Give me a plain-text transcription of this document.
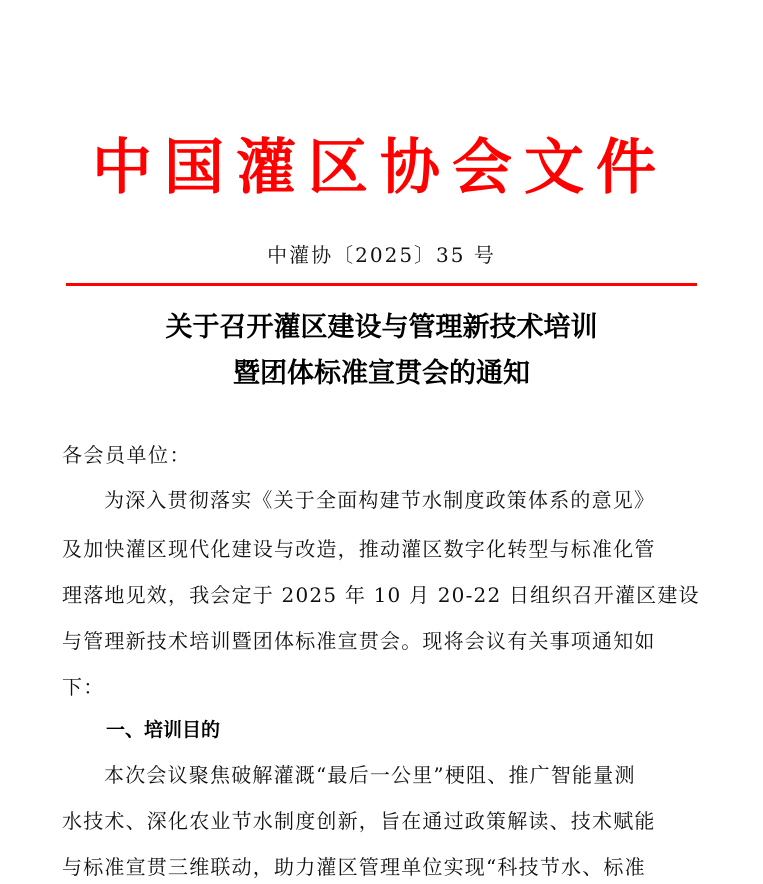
中国灌区协会文件
中灌协〔2025〕35 号
关于召开灌区建设与管理新技术培训
暨团体标准宣贯会的通知
各会员单位：
为深入贯彻落实《关于全面构建节水制度政策体系的意见》
及加快灌区现代化建设与改造，推动灌区数字化转型与标准化管
理落地见效，我会定于 2025 年 10 月 20-22 日组织召开灌区建设
与管理新技术培训暨团体标准宣贯会。现将会议有关事项通知如
下：
一、培训目的
本次会议聚焦破解灌溉“最后一公里”梗阻、推广智能量测
水技术、深化农业节水制度创新，旨在通过政策解读、技术赋能
与标准宣贯三维联动，助力灌区管理单位实现“科技节水、标准
